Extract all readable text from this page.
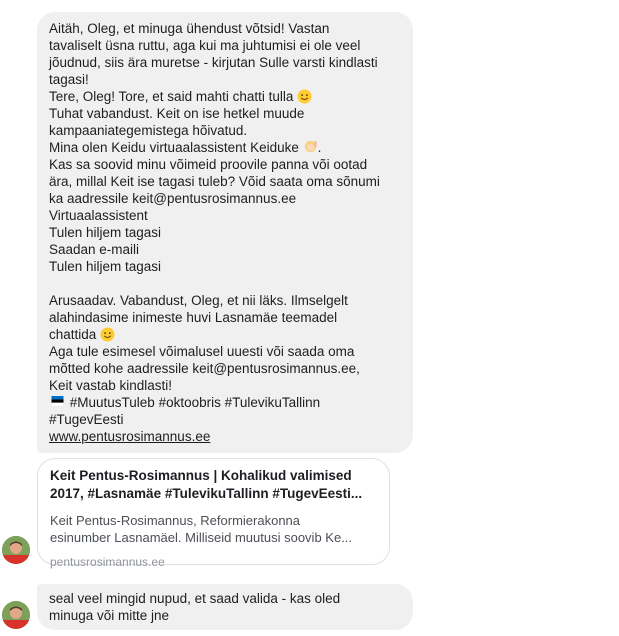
Aitäh, Oleg, et minuga ühendust võtsid! Vastan
tavaliselt üsna ruttu, aga kui ma juhtumisi ei ole veel
jõudnud, siis ära muretse - kirjutan Sulle varsti kindlasti
tagasi!
Tere, Oleg! Tore, et said mahti chatti tulla
Tuhat vabandust. Keit on ise hetkel muude
kampaaniategemistega hõivatud.
Mina olen Keidu virtuaalassistent Keiduke .
Kas sa soovid minu võimeid proovile panna või ootad
ära, millal Keit ise tagasi tuleb? Võid saata oma sõnumi
ka aadressile keit@pentusrosimannus.ee
Virtuaalassistent
Tulen hiljem tagasi
Saadan e-maili
Tulen hiljem tagasi
Arusaadav. Vabandust, Oleg, et nii läks. Ilmselgelt
alahindasime inimeste huvi Lasnamäe teemadel
chattida
Aga tule esimesel võimalusel uuesti või saada oma
mõtted kohe aadressile keit@pentusrosimannus.ee,
Keit vastab kindlasti!
#MuutusTuleb #oktoobris #TulevikuTallinn
#TugevEesti
www.pentusrosimannus.ee
Keit Pentus-Rosimannus | Kohalikud valimised
2017, #Lasnamäe #TulevikuTallinn #TugevEesti...
Keit Pentus-Rosimannus, Reformierakonna
esinumber Lasnamäel. Milliseid muutusi soovib Ke...
pentusrosimannus.ee
seal veel mingid nupud, et saad valida - kas oled
minuga või mitte jne
